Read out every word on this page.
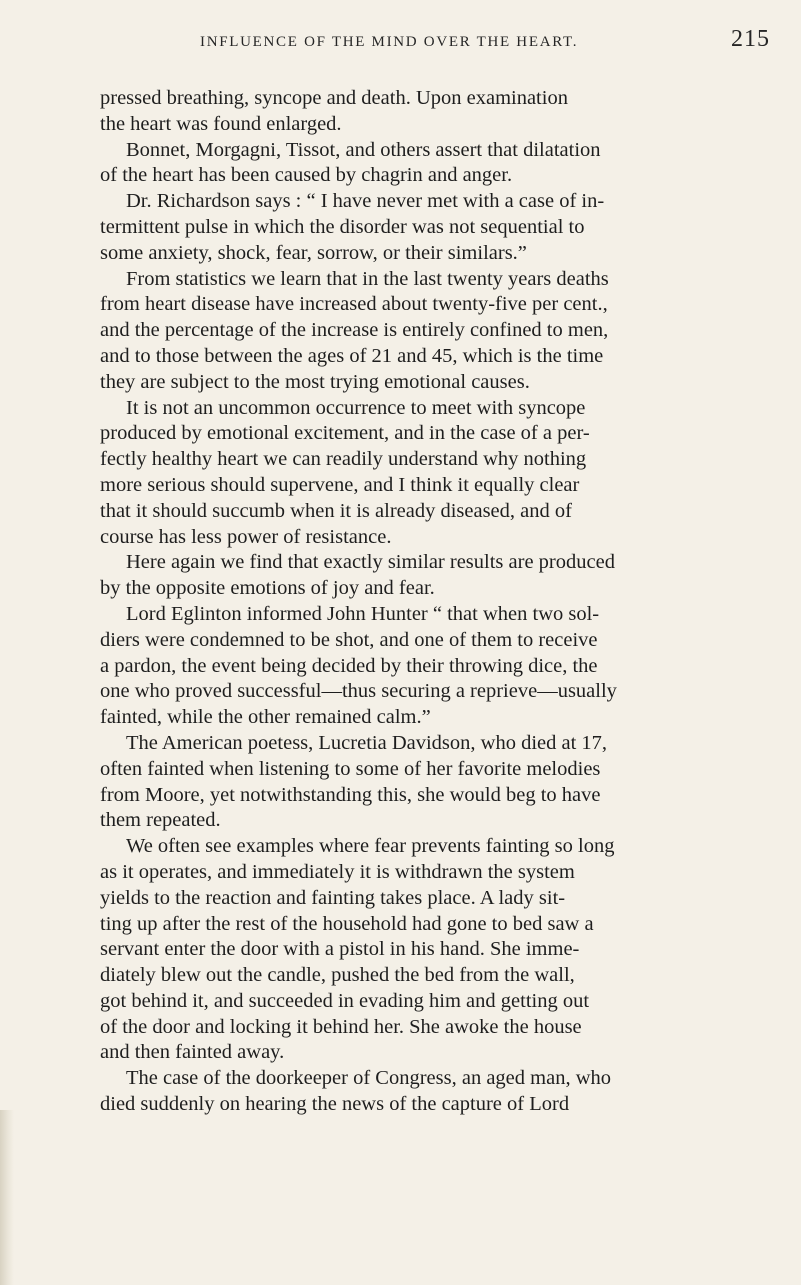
INFLUENCE OF THE MIND OVER THE HEART.	215
pressed breathing, syncope and death. Upon examination
the heart was found enlarged.
Bonnet, Morgagni, Tissot, and others assert that dilatation
of the heart has been caused by chagrin and anger.
Dr. Richardson says : “ I have never met with a case of in-
termittent pulse in which the disorder was not sequential to
some anxiety, shock, fear, sorrow, or their similars.”
From statistics we learn that in the last twenty years deaths
from heart disease have increased about twenty-five per cent.,
and the percentage of the increase is entirely confined to men,
and to those between the ages of 21 and 45, which is the time
they are subject to the most trying emotional causes.
It is not an uncommon occurrence to meet with syncope
produced by emotional excitement, and in the case of a per-
fectly healthy heart we can readily understand why nothing
more serious should supervene, and I think it equally clear
that it should succumb when it is already diseased, and of
course has less power of resistance.
Here again we find that exactly similar results are produced
by the opposite emotions of joy and fear.
Lord Eglinton informed John Hunter “ that when two sol-
diers were condemned to be shot, and one of them to receive
a pardon, the event being decided by their throwing dice, the
one who proved successful—thus securing a reprieve—usually
fainted, while the other remained calm.”
The American poetess, Lucretia Davidson, who died at 17,
often fainted when listening to some of her favorite melodies
from Moore, yet notwithstanding this, she would beg to have
them repeated.
We often see examples where fear prevents fainting so long
as it operates, and immediately it is withdrawn the system
yields to the reaction and fainting takes place. A lady sit-
ting up after the rest of the household had gone to bed saw a
servant enter the door with a pistol in his hand. She imme-
diately blew out the candle, pushed the bed from the wall,
got behind it, and succeeded in evading him and getting out
of the door and locking it behind her. She awoke the house
and then fainted away.
The case of the doorkeeper of Congress, an aged man, who
died suddenly on hearing the news of the capture of Lord
